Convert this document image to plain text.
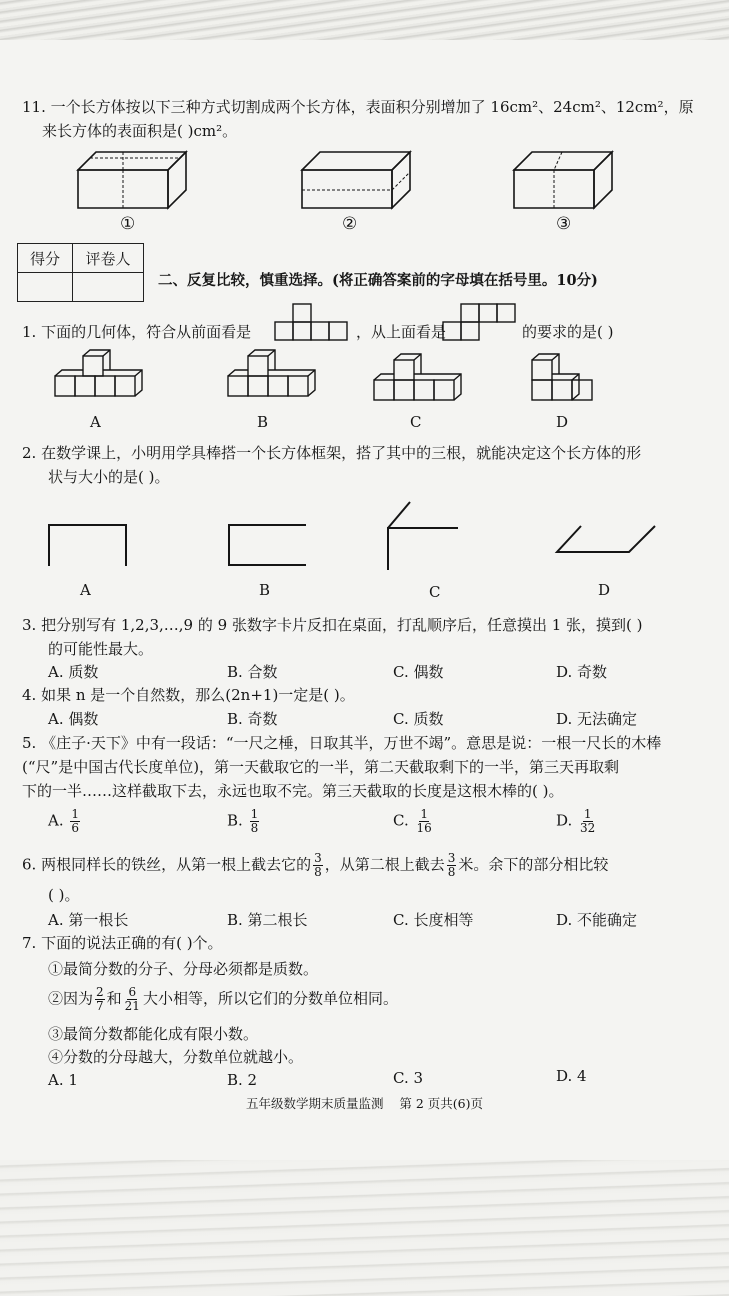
11. 一个长方体按以下三种方式切割成两个长方体，表面积分别增加了 16cm²、24cm²、12cm²，原
来长方体的表面积是( )cm²。
①	②	③
得分	评卷人

二、反复比较，慎重选择。(将正确答案前的字母填在括号里。10分)
1. 下面的几何体，符合从前面看是	，从上面看是	的要求的是( )
A	B	C	D
2. 在数学课上，小明用学具棒搭一个长方体框架，搭了其中的三根，就能决定这个长方体的形
状与大小的是( )。
A	B	C	D
3. 把分别写有 1,2,3,…,9 的 9 张数字卡片反扣在桌面，打乱顺序后，任意摸出 1 张，摸到( )
的可能性最大。
A. 质数	B. 合数	C. 偶数	D. 奇数
4. 如果 n 是一个自然数，那么(2n+1)一定是( )。
A. 偶数	B. 奇数	C. 质数	D. 无法确定
5. 《庄子·天下》中有一段话：“一尺之棰，日取其半，万世不竭”。意思是说：一根一尺长的木棒
(“尺”是中国古代长度单位)，第一天截取它的一半，第二天截取剩下的一半，第三天再取剩
下的一半……这样截取下去，永远也取不完。第三天截取的长度是这根木棒的( )。
A. $\frac{1}{6}$	B. $\frac{1}{8}$	C. $\frac{1}{16}$	D. $\frac{1}{32}$
6. 两根同样长的铁丝，从第一根上截去它的 $\frac{3}{8}$ ，从第二根上截去 $\frac{3}{8}$ 米。余下的部分相比较
( )。
A. 第一根长	B. 第二根长	C. 长度相等	D. 不能确定
7. 下面的说法正确的有( )个。
①最简分数的分子、分母必须都是质数。
②因为 $\frac{2}{7}$ 和 $\frac{6}{21}$ 大小相等，所以它们的分数单位相同。
③最简分数都能化成有限小数。
④分数的分母越大，分数单位就越小。
A. 1	B. 2	C. 3	D. 4
五年级数学期末质量监测    第 2 页共(6)页
